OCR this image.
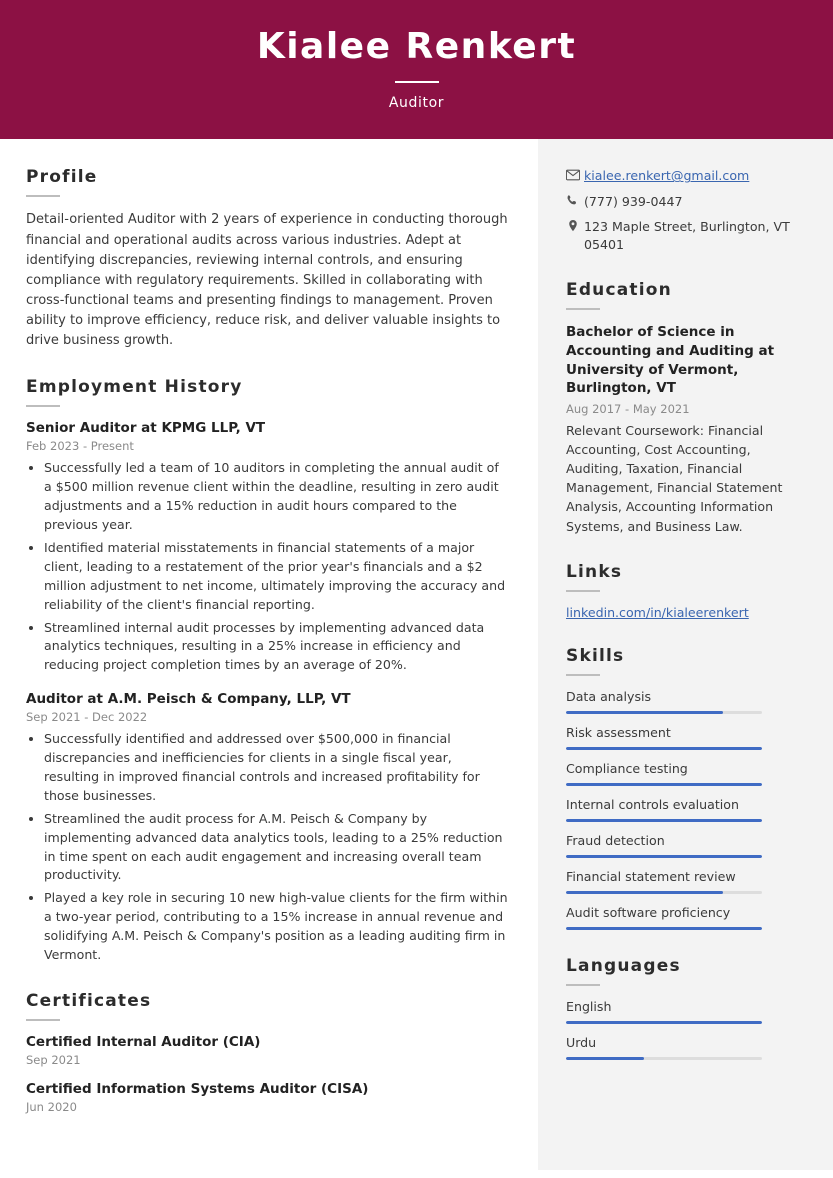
Kialee Renkert
Auditor
Profile
Detail-oriented Auditor with 2 years of experience in conducting thorough financial and operational audits across various industries. Adept at identifying discrepancies, reviewing internal controls, and ensuring compliance with regulatory requirements. Skilled in collaborating with cross-functional teams and presenting findings to management. Proven ability to improve efficiency, reduce risk, and deliver valuable insights to drive business growth.
Employment History
Senior Auditor at KPMG LLP, VT
Feb 2023 - Present
• Successfully led a team of 10 auditors in completing the annual audit of a $500 million revenue client within the deadline, resulting in zero audit adjustments and a 15% reduction in audit hours compared to the previous year.
• Identified material misstatements in financial statements of a major client, leading to a restatement of the prior year's financials and a $2 million adjustment to net income, ultimately improving the accuracy and reliability of the client's financial reporting.
• Streamlined internal audit processes by implementing advanced data analytics techniques, resulting in a 25% increase in efficiency and reducing project completion times by an average of 20%.
Auditor at A.M. Peisch & Company, LLP, VT
Sep 2021 - Dec 2022
• Successfully identified and addressed over $500,000 in financial discrepancies and inefficiencies for clients in a single fiscal year, resulting in improved financial controls and increased profitability for those businesses.
• Streamlined the audit process for A.M. Peisch & Company by implementing advanced data analytics tools, leading to a 25% reduction in time spent on each audit engagement and increasing overall team productivity.
• Played a key role in securing 10 new high-value clients for the firm within a two-year period, contributing to a 15% increase in annual revenue and solidifying A.M. Peisch & Company's position as a leading auditing firm in Vermont.
Certificates
Certified Internal Auditor (CIA)
Sep 2021
Certified Information Systems Auditor (CISA)
Jun 2020
kialee.renkert@gmail.com
(777) 939-0447
123 Maple Street, Burlington, VT 05401
Education
Bachelor of Science in Accounting and Auditing at University of Vermont, Burlington, VT
Aug 2017 - May 2021
Relevant Coursework: Financial Accounting, Cost Accounting, Auditing, Taxation, Financial Management, Financial Statement Analysis, Accounting Information Systems, and Business Law.
Links
linkedin.com/in/kialeerenkert
Skills
Data analysis
Risk assessment
Compliance testing
Internal controls evaluation
Fraud detection
Financial statement review
Audit software proficiency
Languages
English
Urdu
